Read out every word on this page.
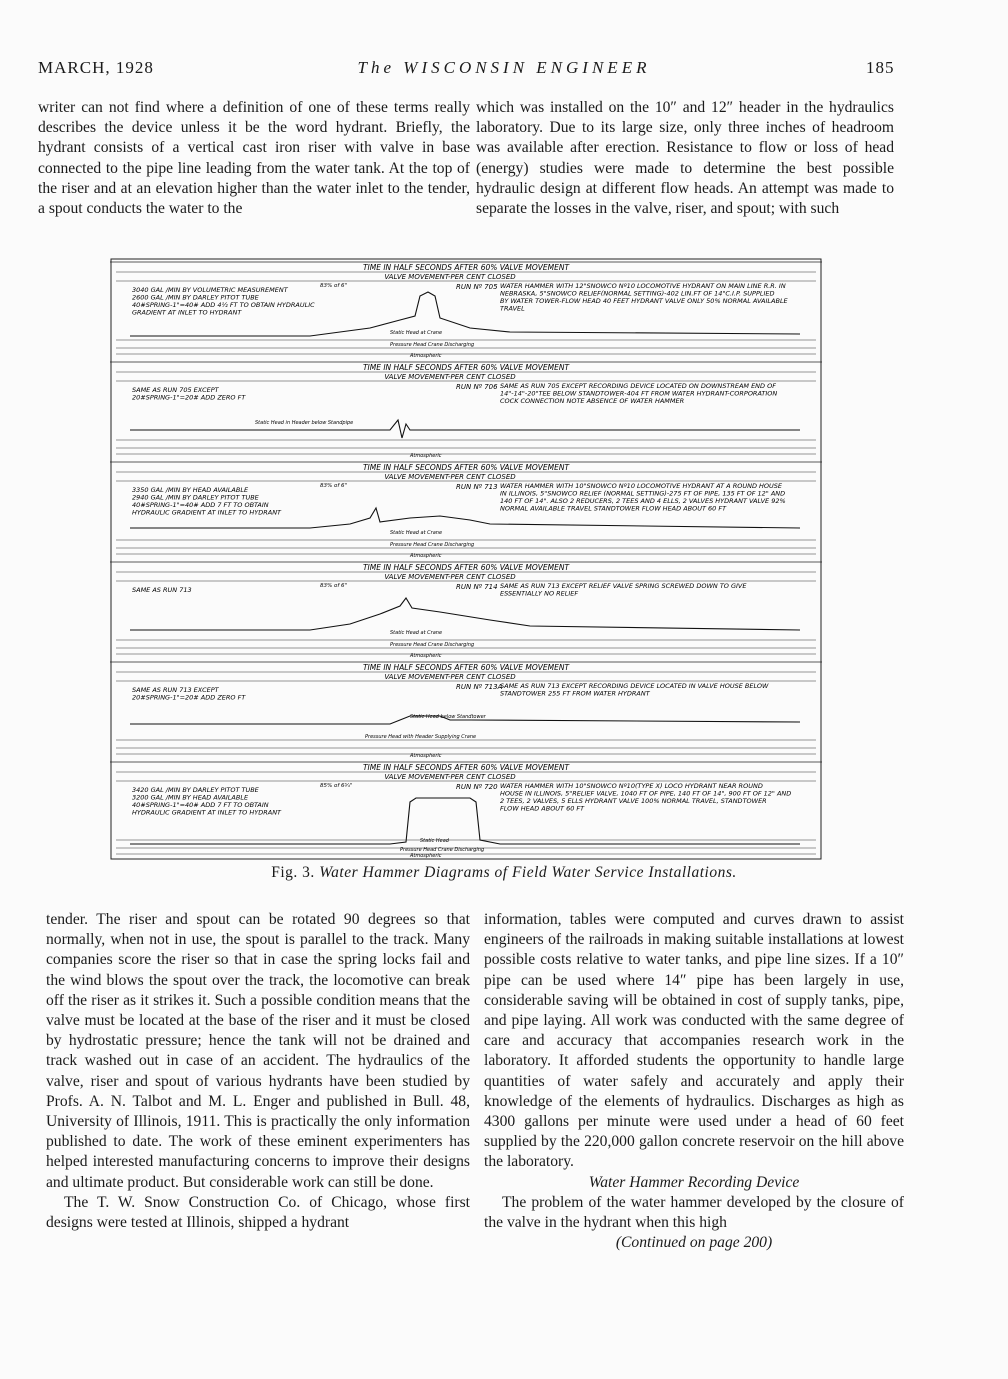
MARCH, 1928	The WISCONSIN ENGINEER	185

writer can not find where a definition of one of these terms really describes the device unless it be the word hydrant. Briefly, the hydrant consists of a vertical cast iron riser with valve in base connected to the pipe line leading from the water tank. At the top of the riser and at an elevation higher than the water inlet to the tender, a spout conducts the water to the

which was installed on the 10″ and 12″ header in the hydraulics laboratory. Due to its large size, only three inches of headroom was available after erection. Resistance to flow or loss of head (energy) studies were made to determine the best possible hydraulic design at different flow heads. An attempt was made to separate the losses in the valve, riser, and spout; with such

TIME IN HALF SECONDS AFTER 60% VALVE MOVEMENT
VALVE MOVEMENT-PER CENT CLOSED
RUN Nº 705
83% of 6"
3040 GAL /MIN BY VOLUMETRIC MEASUREMENT
2600 GAL /MIN BY DARLEY PITOT TUBE
40#SPRING-1"=40# ADD 4½ FT TO OBTAIN HYDRAULIC
GRADIENT AT INLET TO HYDRANT
WATER HAMMER WITH 12"SNOWCO Nº10 LOCOMOTIVE HYDRANT ON MAIN LINE R.R. IN
NEBRASKA, 5"SNOWCO RELIEF(NORMAL SETTING)-402 LIN.FT OF 14"C.I.P. SUPPLIED
BY WATER TOWER-FLOW HEAD 40 FEET HYDRANT VALVE ONLY 50% NORMAL AVAILABLE
TRAVEL
Static Head at Crane
Pressure Head Crane Discharging
Atmospheric
TIME IN HALF SECONDS AFTER 60% VALVE MOVEMENT
VALVE MOVEMENT-PER CENT CLOSED
RUN Nº 706
SAME AS RUN 705 EXCEPT
20#SPRING-1"=20# ADD ZERO FT
SAME AS RUN 705 EXCEPT RECORDING DEVICE LOCATED ON DOWNSTREAM END OF
14"-14"-20"TEE BELOW STANDTOWER-404 FT FROM WATER HYDRANT-CORPORATION
COCK CONNECTION NOTE ABSENCE OF WATER HAMMER
Static Head in Header below Standpipe
Atmospheric
TIME IN HALF SECONDS AFTER 60% VALVE MOVEMENT
VALVE MOVEMENT-PER CENT CLOSED
RUN Nº 713
83% of 6"
3350 GAL /MIN BY HEAD AVAILABLE
2940 GAL /MIN BY DARLEY PITOT TUBE
40#SPRING-1"=40# ADD 7 FT TO OBTAIN
HYDRAULIC GRADIENT AT INLET TO HYDRANT
WATER HAMMER WITH 10"SNOWCO Nº10 LOCOMOTIVE HYDRANT AT A ROUND HOUSE
IN ILLINOIS, 5"SNOWCO RELIEF (NORMAL SETTING)-275 FT OF PIPE, 135 FT OF 12" AND
140 FT OF 14". ALSO 2 REDUCERS, 2 TEES AND 4 ELLS, 2 VALVES HYDRANT VALVE 92%
NORMAL AVAILABLE TRAVEL STANDTOWER FLOW HEAD ABOUT 60 FT
Static Head at Crane
Pressure Head Crane Discharging
Atmospheric
TIME IN HALF SECONDS AFTER 60% VALVE MOVEMENT
VALVE MOVEMENT-PER CENT CLOSED
RUN Nº 714
83% of 6"
SAME AS RUN 713	SAME AS RUN 713 EXCEPT RELIEF VALVE SPRING SCREWED DOWN TO GIVE
ESSENTIALLY NO RELIEF
Static Head at Crane
Pressure Head Crane Discharging
Atmospheric
TIME IN HALF SECONDS AFTER 60% VALVE MOVEMENT
VALVE MOVEMENT-PER CENT CLOSED
RUN Nº 713A
SAME AS RUN 713 EXCEPT
20#SPRING-1"=20# ADD ZERO FT
SAME AS RUN 713 EXCEPT RECORDING DEVICE LOCATED IN VALVE HOUSE BELOW
STANDTOWER 255 FT FROM WATER HYDRANT
Static Head below Standtower
Pressure Head with Header Supplying Crane
Atmospheric
TIME IN HALF SECONDS AFTER 60% VALVE MOVEMENT
VALVE MOVEMENT-PER CENT CLOSED
RUN Nº 720
85% of 6¾"
3420 GAL /MIN BY DARLEY PITOT TUBE
3200 GAL /MIN BY HEAD AVAILABLE
40#SPRING-1"=40# ADD 7 FT TO OBTAIN
HYDRAULIC GRADIENT AT INLET TO HYDRANT
WATER HAMMER WITH 10"SNOWCO Nº10(TYPE X) LOCO HYDRANT NEAR ROUND
HOUSE IN ILLINOIS, 5"RELIEF VALVE, 1040 FT OF PIPE, 140 FT OF 14", 900 FT OF 12" AND
2 TEES, 2 VALVES, 5 ELLS HYDRANT VALVE 100% NORMAL TRAVEL, STANDTOWER
FLOW HEAD ABOUT 60 FT
Static Head
Pressure Head Crane Discharging
Atmospheric
Fig. 3. Water Hammer Diagrams of Field Water Service Installations.

tender. The riser and spout can be rotated 90 degrees so that normally, when not in use, the spout is parallel to the track. Many companies score the riser so that in case the spring locks fail and the wind blows the spout over the track, the locomotive can break off the riser as it strikes it. Such a possible condition means that the valve must be located at the base of the riser and it must be closed by hydrostatic pressure; hence the tank will not be drained and track washed out in case of an accident. The hydraulics of the valve, riser and spout of various hydrants have been studied by Profs. A. N. Talbot and M. L. Enger and published in Bull. 48, University of Illinois, 1911. This is practically the only information published to date. The work of these eminent experimenters has helped interested manufacturing concerns to improve their designs and ultimate product. But considerable work can still be done.

The T. W. Snow Construction Co. of Chicago, whose first designs were tested at Illinois, shipped a hydrant

information, tables were computed and curves drawn to assist engineers of the railroads in making suitable installations at lowest possible costs relative to water tanks, and pipe line sizes. If a 10″ pipe can be used where 14″ pipe has been largely in use, considerable saving will be obtained in cost of supply tanks, pipe, and pipe laying. All work was conducted with the same degree of care and accuracy that accompanies research work in the laboratory. It afforded students the opportunity to handle large quantities of water safely and accurately and apply their knowledge of the elements of hydraulics. Discharges as high as 4300 gallons per minute were used under a head of 60 feet supplied by the 220,000 gallon concrete reservoir on the hill above the laboratory.

Water Hammer Recording Device

The problem of the water hammer developed by the closure of the valve in the hydrant when this high

(Continued on page 200)
